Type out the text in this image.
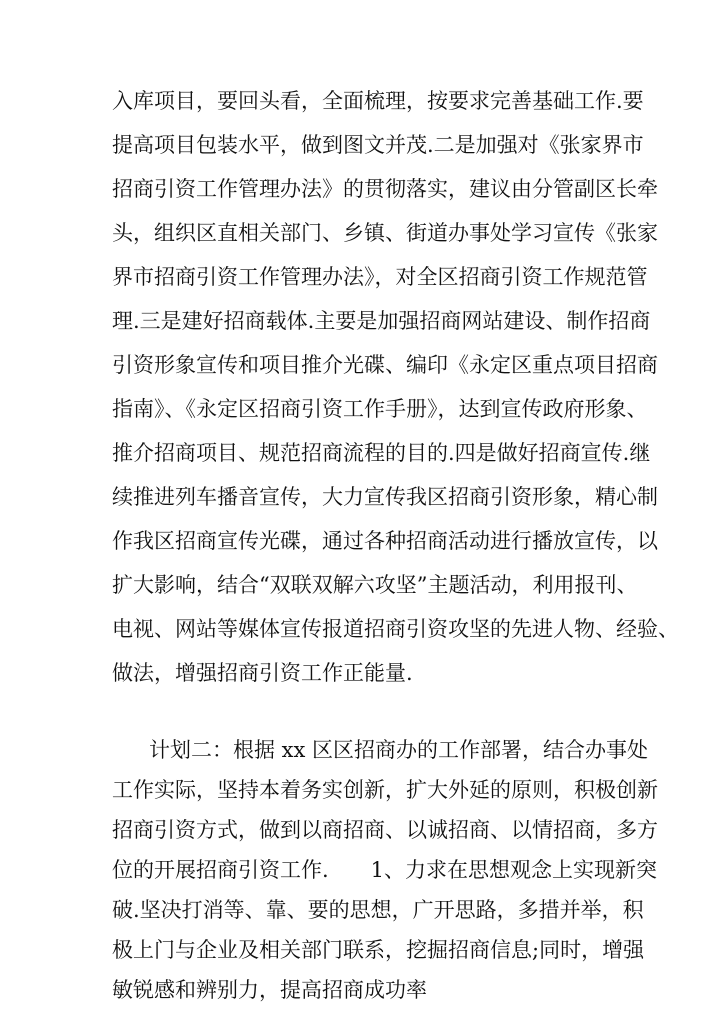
入库项目，要回头看，全面梳理，按要求完善基础工作.要
提高项目包装水平，做到图文并茂.二是加强对《张家界市
招商引资工作管理办法》的贯彻落实，建议由分管副区长牵
头，组织区直相关部门、乡镇、街道办事处学习宣传《张家
界市招商引资工作管理办法》，对全区招商引资工作规范管
理.三是建好招商载体.主要是加强招商网站建设、制作招商
引资形象宣传和项目推介光碟、编印《永定区重点项目招商
指南》、《永定区招商引资工作手册》，达到宣传政府形象、
推介招商项目、规范招商流程的目的.四是做好招商宣传.继
续推进列车播音宣传，大力宣传我区招商引资形象，精心制
作我区招商宣传光碟，通过各种招商活动进行播放宣传，以
扩大影响，结合“双联双解六攻坚”主题活动，利用报刊、
电视、网站等媒体宣传报道招商引资攻坚的先进人物、经验、
做法，增强招商引资工作正能量.
计划二：根据 xx 区区招商办的工作部署，结合办事处
工作实际，坚持本着务实创新，扩大外延的原则，积极创新
招商引资方式，做到以商招商、以诚招商、以情招商，多方
位的开展招商引资工作.　　1、力求在思想观念上实现新突
破.坚决打消等、靠、要的思想，广开思路，多措并举，积
极上门与企业及相关部门联系，挖掘招商信息;同时，增强
敏锐感和辨别力，提高招商成功率
